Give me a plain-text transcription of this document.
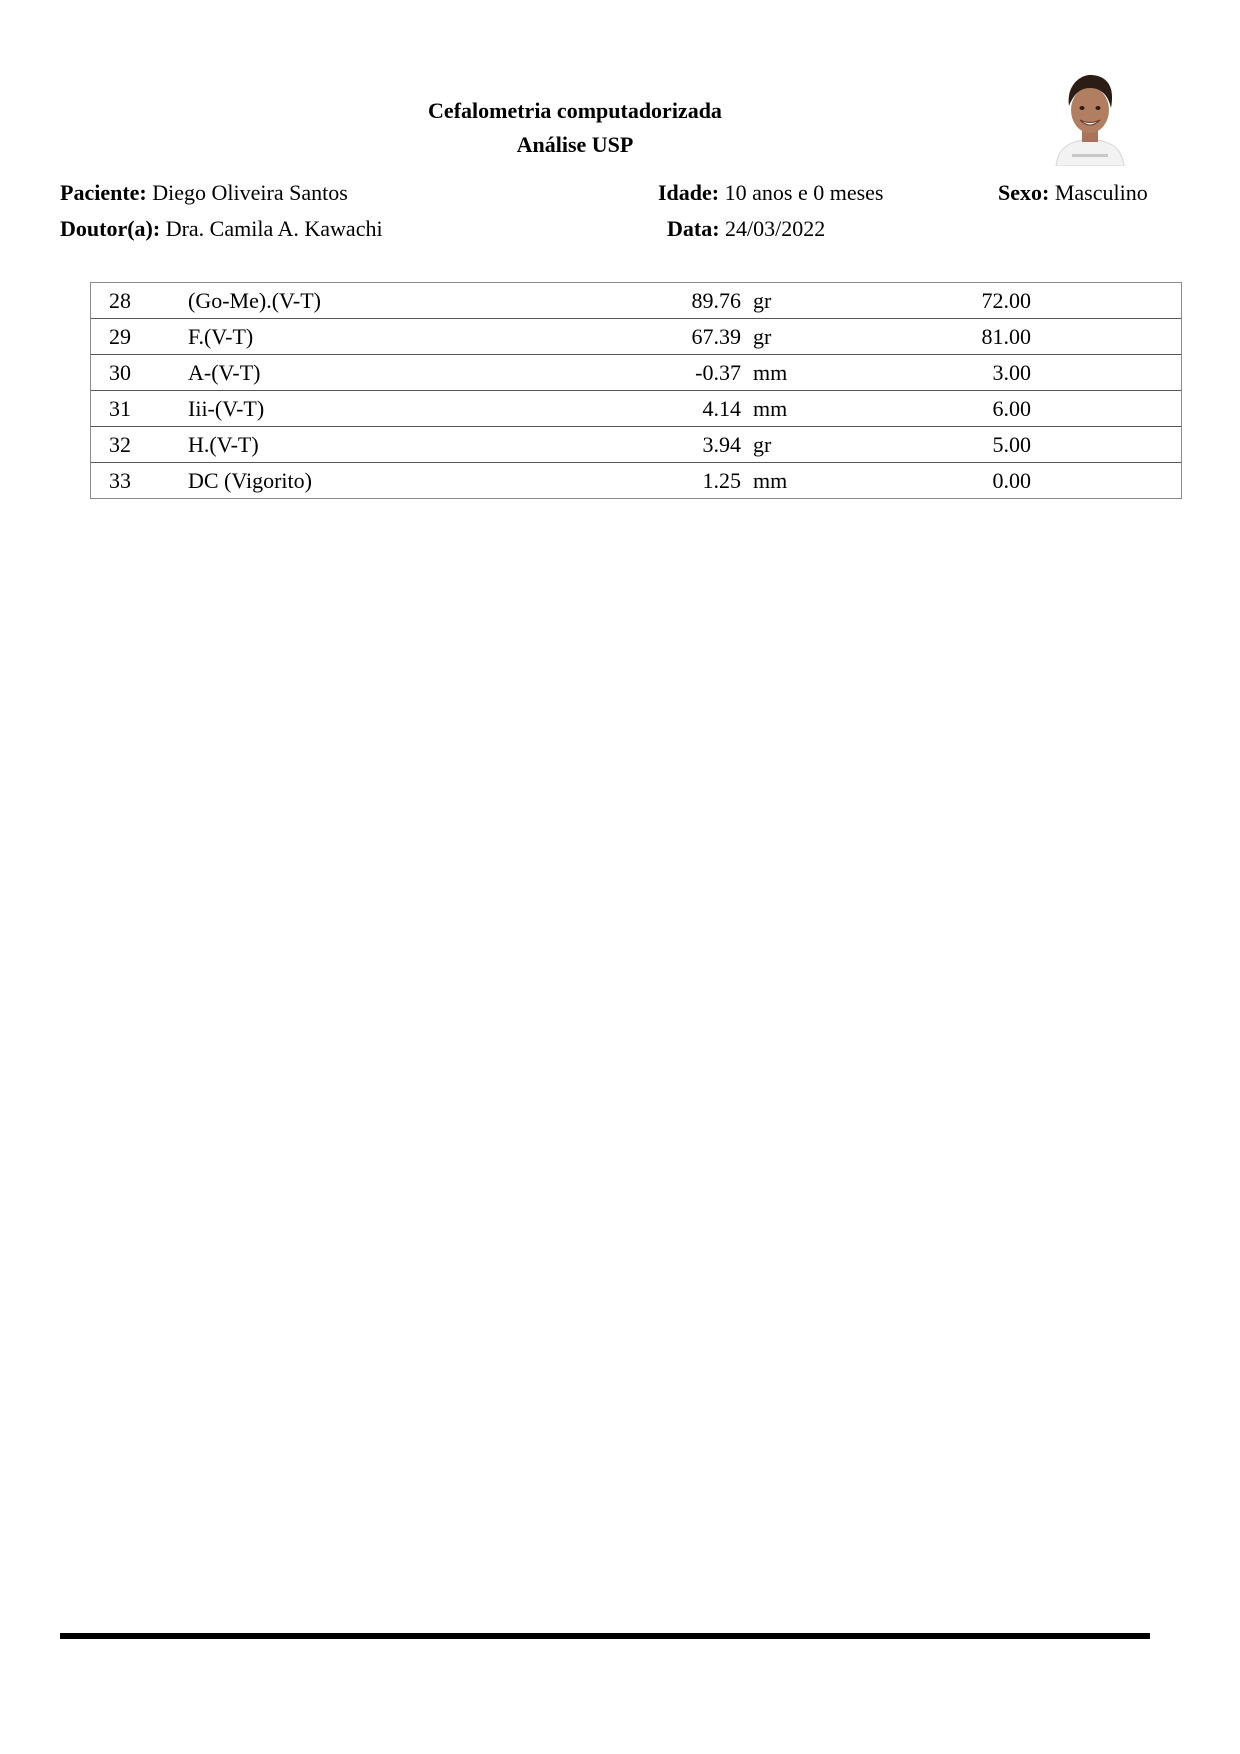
Cefalometria computadorizada
Análise USP
Paciente: Diego Oliveira Santos	Idade: 10 anos e 0 meses	Sexo: Masculino
Doutor(a): Dra. Camila A. Kawachi	Data: 24/03/2022
28	(Go-Me).(V-T)	89.76 gr	72.00
29	F.(V-T)	67.39 gr	81.00
30	A-(V-T)	-0.37 mm	3.00
31	Iii-(V-T)	4.14 mm	6.00
32	H.(V-T)	3.94 gr	5.00
33	DC (Vigorito)	1.25 mm	0.00
